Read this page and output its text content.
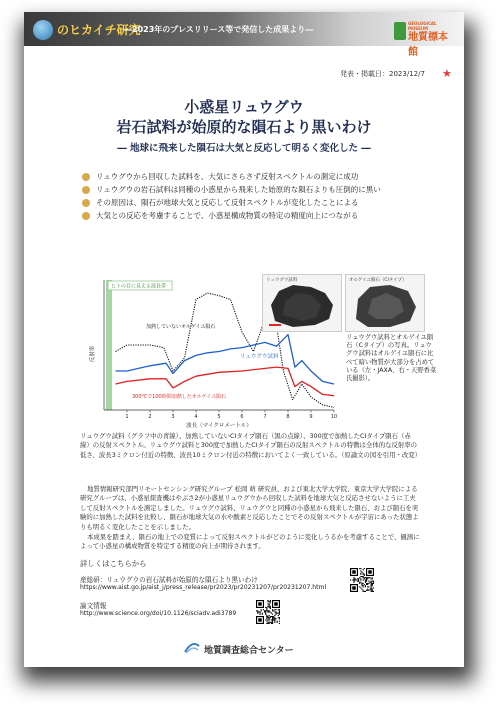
のヒカイチ研究
―2023年のプレスリリース等で発信した成果より―
GEOLOGICAL MUSEUM
地質標本館
発表・掲載日：2023/12/7 ★
小惑星リュウグウ
岩石試料が始原的な隕石より黒いわけ
― 地球に飛来した隕石は大気と反応して明るく変化した ―
リュウグウから回収した試料を、大気にさらさず反射スペクトルの測定に成功
リュウグウの岩石試料は同種の小惑星から飛来した始原的な隕石よりも圧倒的に黒い
その原因は、隕石が地球大気と反応して反射スペクトルが変化したことによる
大気との反応を考慮することで、小惑星構成物質の特定の精度向上につながる
ヒトの目に見える波長帯
反射率
波長（マイクロメートル）
1	2	3	4	5	6	7	8	9	10
加熱していないオルゲイユ隕石
リュウグウ試料
300℃で100時間加熱したオルゲイユ隕石
リュウグウ試料	オルゲイユ隕石（CIタイプ）
リュウグウ試料とオルゲイユ隕石（Cタイプ）の写真。リュウグウ試料はオルゲイユ隕石に比べて暗い物質が大部分を占めている（左・JAXA、右・天野香菜氏撮影）。
リュウグウ試料（グラフ中の青線）、加熱していないCIタイプ隕石（黒の点線）、300度で加熱したCIタイプ隕石（赤線）の反射スペクトル。リュウグウ試料と300度で加熱したCIタイプ隕石の反射スペクトルの特徴は全体的な反射率の低さ、波長3ミクロン付近の特徴、波長10ミクロン付近の特徴においてよく一致している。（原論文の図を引用・改変）
地質情報研究部門リモートセンシング研究グループ 松岡 萌 研究員、および東北大学大学院、東京大学大学院による研究グループは、小惑星探査機はやぶさ2が小惑星リュウグウから回収した試料を地球大気と反応させないように工夫して反射スペクトルを測定しました。リュウグウ試料、リュウグウと同種の小惑星から飛来した隕石、および隕石を実験的に加熱した試料を比較し、隕石が地球大気の水や酸素と反応したことでその反射スペクトルが宇宙にあった状態よりも明るく変化したことを示しました。
本成果を踏まえ、隕石の地上での変質によって反射スペクトルがどのように変化しうるかを考慮することで、観測によって小惑星の構成物質を特定する精度の向上が期待されます。
詳しくはこちらから
産総研：リュウグウの岩石試料が始原的な隕石より黒いわけ
https://www.aist.go.jp/aist_j/press_release/pr2023/pr20231207/pr20231207.html
論文情報
http://www.science.org/doi/10.1126/sciadv.adi3789
地質調査総合センター
